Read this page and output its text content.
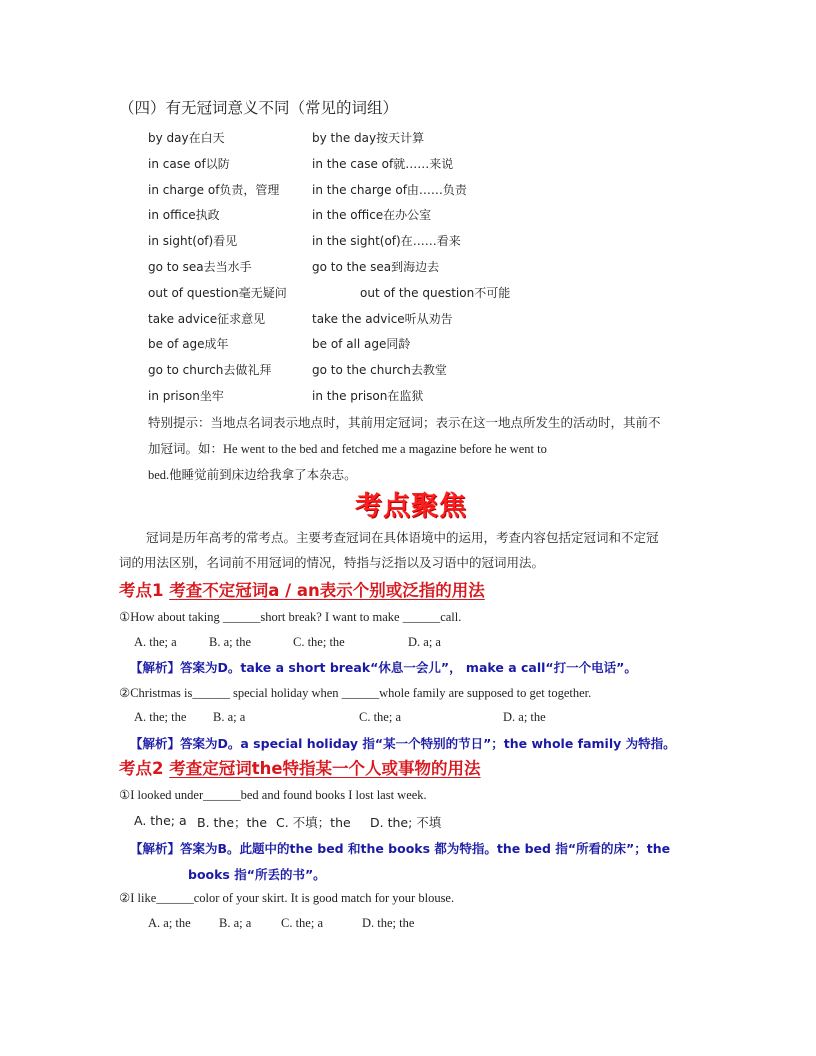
（四）有无冠词意义不同（常见的词组）
by day在白天	by the day按天计算
in case of以防	in the case of就……来说
in charge of负责，管理	in the charge of由……负责
in office执政	in the office在办公室
in sight(of)看见	in the sight(of)在……看来
go to sea去当水手	go to the sea到海边去
out of question毫无疑问	out of the question不可能
take advice征求意见	take the advice听从劝告
be of age成年	be of all age同龄
go to church去做礼拜	go to the church去教堂
in prison坐牢	in the prison在监狱
特别提示：当地点名词表示地点时，其前用定冠词；表示在这一地点所发生的活动时，其前不
加冠词。如：He went to the bed and fetched me a magazine before he went to
bed.他睡觉前到床边给我拿了本杂志。
考点聚焦
冠词是历年高考的常考点。主要考查冠词在具体语境中的运用，考查内容包括定冠词和不定冠
词的用法区别，名词前不用冠词的情况，特指与泛指以及习语中的冠词用法。
考点1 考查不定冠词a / an表示个别或泛指的用法
①How about taking ______short break? I want to make ______call.
A. the; a	B. a; the	C. the; the	D. a; a
【解析】答案为D。take a short break“休息一会儿”， make a call“打一个电话”。
②Christmas is______ special holiday when ______whole family are supposed to get together.
A. the; the B. a; a	C. the; a	D. a; the
【解析】答案为D。a special holiday 指“某一个特别的节日”；the whole family 为特指。
考点2 考查定冠词the特指某一个人或事物的用法
①I looked under______bed and found books I lost last week.
A. the; a B. the；the C. 不填；the D. the; 不填
【解析】答案为B。此题中的the bed 和the books 都为特指。the bed 指“所看的床”；the
books 指“所丢的书”。
②I like______color of your skirt. It is good match for your blouse.
A. a; the B. a; a C. the; a	D. the; the
